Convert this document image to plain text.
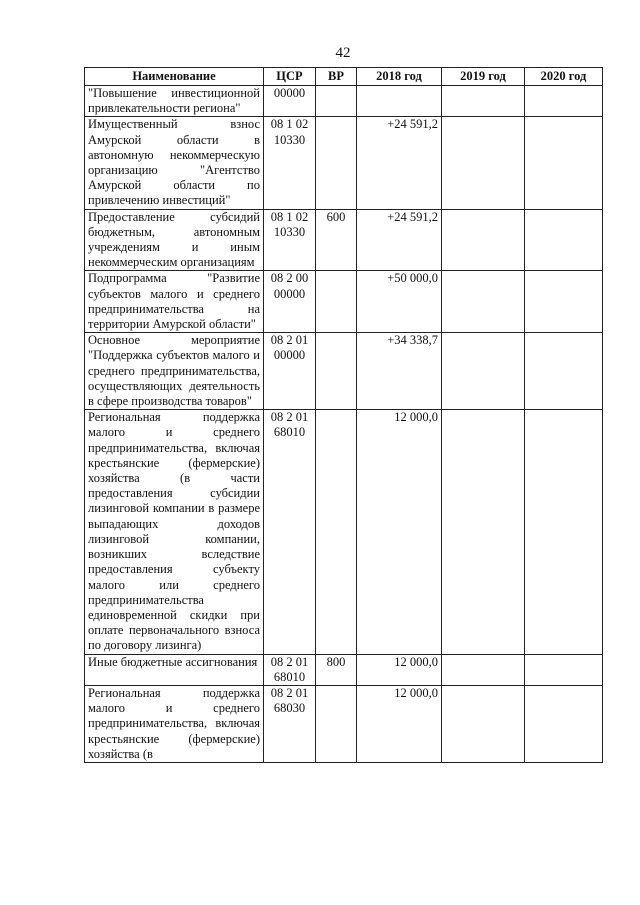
42
Наименование	ЦСР	ВР	2018 год	2019 год	2020 год
"Повышение инвестиционной привлекательности региона"	00000				
Имущественный взнос Амурской области в автономную некоммерческую организацию "Агентство Амурской области по привлечению инвестиций"	08 1 02 10330		+24 591,2		
Предоставление субсидий бюджетным, автономным учреждениям и иным некоммерческим организациям	08 1 02 10330	600	+24 591,2		
Подпрограмма "Развитие субъектов малого и среднего предпринимательства на территории Амурской области"	08 2 00 00000		+50 000,0		
Основное мероприятие "Поддержка субъектов малого и среднего предпринимательства, осуществляющих деятельность в сфере производства товаров"	08 2 01 00000		+34 338,7		
Региональная поддержка малого и среднего предпринимательства, включая крестьянские (фермерские) хозяйства (в части предоставления субсидии лизинговой компании в размере выпадающих доходов лизинговой компании, возникших вследствие предоставления субъекту малого или среднего предпринимательства единовременной скидки при оплате первоначального взноса по договору лизинга)	08 2 01 68010		12 000,0		
Иные бюджетные ассигнования	08 2 01 68010	800	12 000,0		
Региональная поддержка малого и среднего предпринимательства, включая крестьянские (фермерские) хозяйства (в	08 2 01 68030		12 000,0		
